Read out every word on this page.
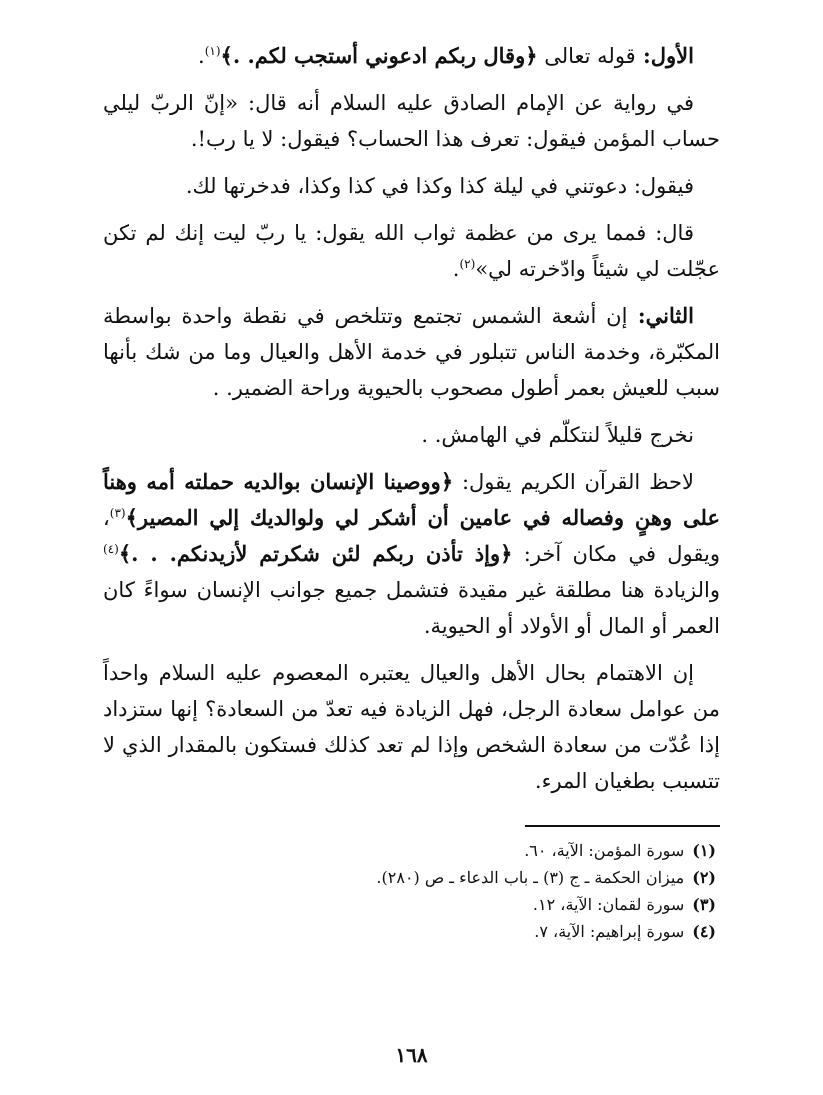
الأول: قوله تعالى ﴿وقال ربكم ادعوني أستجب لكم. .﴾$^{(١)}$.

في رواية عن الإمام الصادق عليه السلام أنه قال: «إنّ الربّ ليلي حساب المؤمن فيقول: تعرف هذا الحساب؟ فيقول: لا يا رب!.

فيقول: دعوتني في ليلة كذا وكذا في كذا وكذا، فدخرتها لك.

قال: فمما يرى من عظمة ثواب الله يقول: يا ربّ ليت إنك لم تكن عجّلت لي شيئاً وادّخرته لي»$^{(٢)}$.

الثاني: إن أشعة الشمس تجتمع وتتلخص في نقطة واحدة بواسطة المكبّرة، وخدمة الناس تتبلور في خدمة الأهل والعيال وما من شك بأنها سبب للعيش بعمر أطول مصحوب بالحيوية وراحة الضمير. .

نخرج قليلاً لنتكلّم في الهامش. .

لاحظ القرآن الكريم يقول: ﴿ووصينا الإنسان بوالديه حملته أمه وهناً على وهنٍ وفصاله في عامين أن أشكر لي ولوالديك إلي المصير﴾$^{(٣)}$، ويقول في مكان آخر: ﴿وإذ تأذن ربكم لئن شكرتم لأزيدنكم. . .﴾$^{(٤)}$ والزيادة هنا مطلقة غير مقيدة فتشمل جميع جوانب الإنسان سواءً كان العمر أو المال أو الأولاد أو الحيوية.

إن الاهتمام بحال الأهل والعيال يعتبره المعصوم عليه السلام واحداً من عوامل سعادة الرجل، فهل الزيادة فيه تعدّ من السعادة؟ إنها ستزداد إذا عُدّت من سعادة الشخص وإذا لم تعد كذلك فستكون بالمقدار الذي لا تتسبب بطغيان المرء.

(١)
سورة المؤمن: الآية، ٦٠.
(٢)
ميزان الحكمة ـ ج (٣) ـ باب الدعاء ـ ص (٢٨٠).
(٣)
سورة لقمان: الآية، ١٢.
(٤)
سورة إبراهيم: الآية، ٧.
١٦٨
